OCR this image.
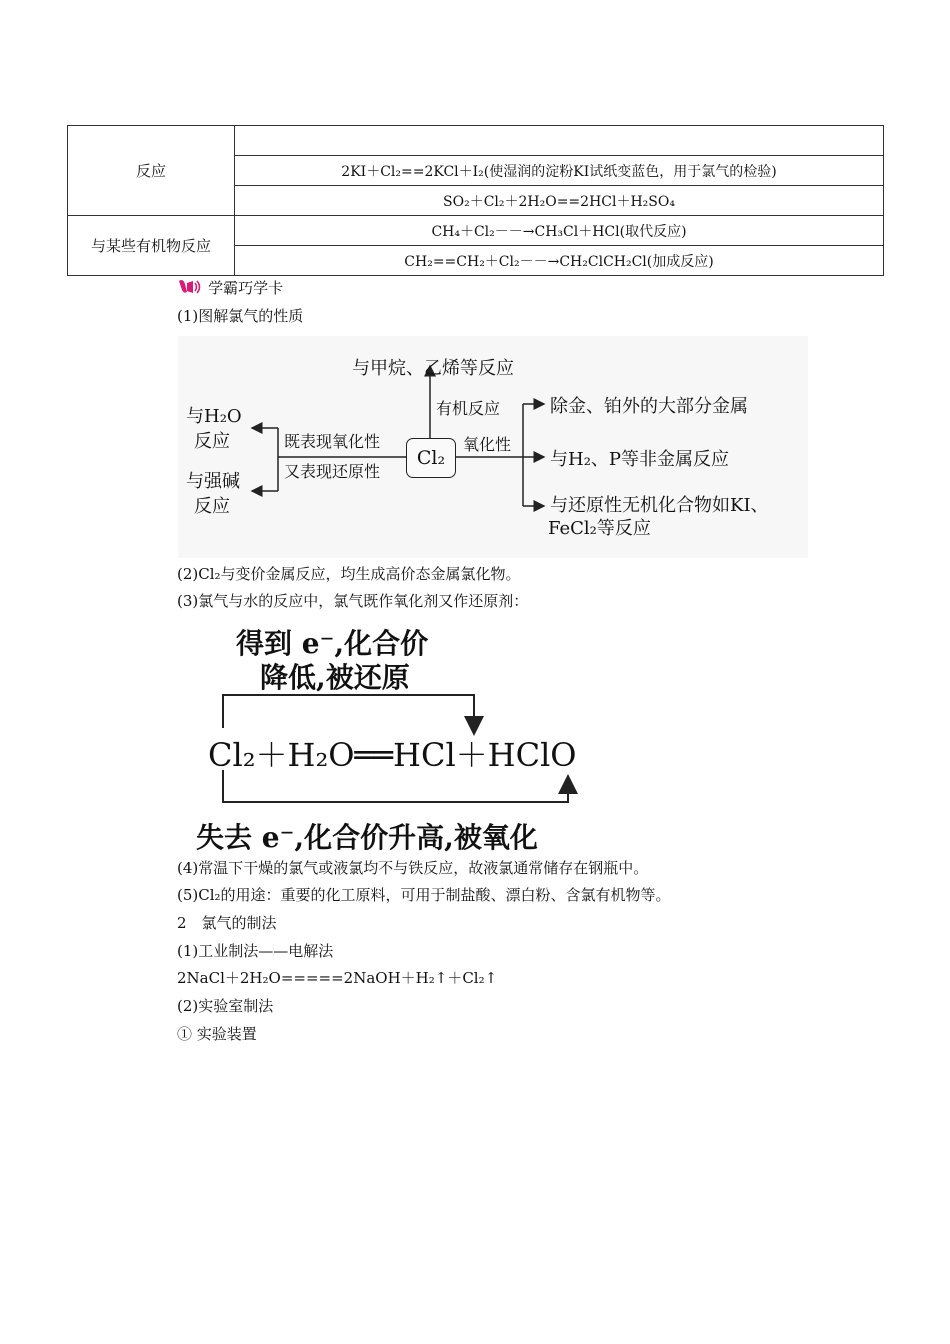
反应	
	2KI＋Cl₂==2KCl＋I₂(使湿润的淀粉KI试纸变蓝色，用于氯气的检验)
	SO₂＋Cl₂＋2H₂O==2HCl＋H₂SO₄
与某些有机物反应	CH₄＋Cl₂－－→CH₃Cl＋HCl(取代反应)
	CH₂==CH₂＋Cl₂－－→CH₂ClCH₂Cl(加成反应)
学霸巧学卡
(1)图解氯气的性质
Cl₂
与甲烷、乙烯等反应
有机反应
氧化性
既表现氧化性
又表现还原性
与H₂O
反应
与强碱
反应
除金、铂外的大部分金属
与H₂、P等非金属反应
与还原性无机化合物如KI、
FeCl₂等反应
(2)Cl₂与变价金属反应，均生成高价态金属氯化物。
(3)氯气与水的反应中，氯气既作氧化剂又作还原剂：
得到 e⁻,化合价
降低,被还原
Cl₂＋H₂O══HCl＋HClO
失去 e⁻,化合价升高,被氧化
(4)常温下干燥的氯气或液氯均不与铁反应，故液氯通常储存在钢瓶中。
(5)Cl₂的用途：重要的化工原料，可用于制盐酸、漂白粉、含氯有机物等。
2　氯气的制法
(1)工业制法——电解法
2NaCl＋2H₂O=====2NaOH＋H₂↑＋Cl₂↑
(2)实验室制法
① 实验装置
